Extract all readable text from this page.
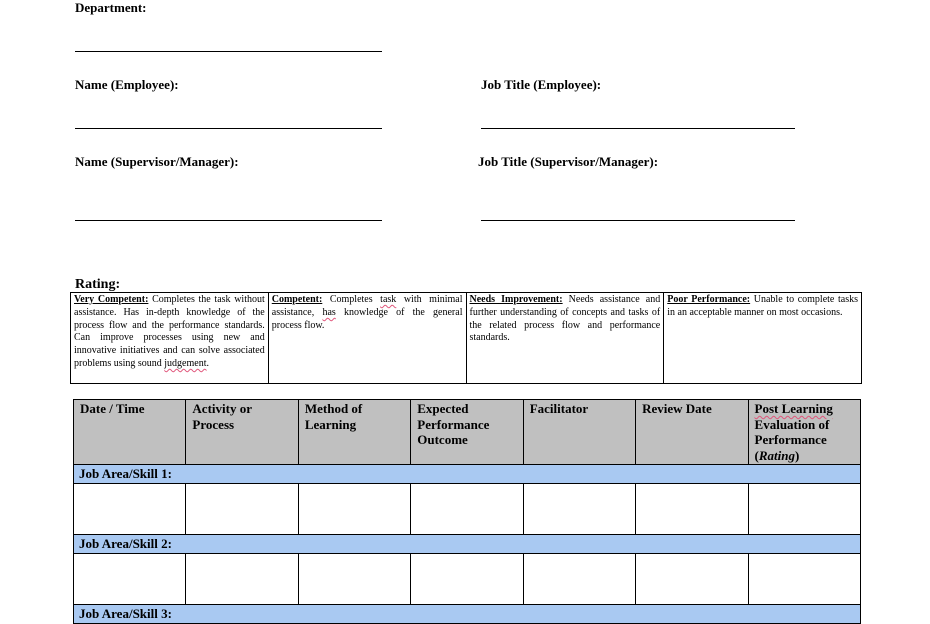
Department:
Name (Employee):	Job Title (Employee):
Name (Supervisor/Manager):	Job Title (Supervisor/Manager):
Rating:
Very Competent: Completes the task without assistance. Has in-depth knowledge of the process flow and the performance standards. Can improve processes using new and innovative initiatives and can solve associated problems using sound judgement.	Competent: Completes task with minimal assistance, has knowledge of the general process flow.	Needs Improvement: Needs assistance and further understanding of concepts and tasks of the related process flow and performance standards.	Poor Performance: Unable to complete tasks in an acceptable manner on most occasions.
Date / Time	Activity or Process	Method of Learning	Expected Performance Outcome	Facilitator	Review Date	Post Learning Evaluation of Performance (Rating)
Job Area/Skill 1:						

Job Area/Skill 2:						

Job Area/Skill 3:						
